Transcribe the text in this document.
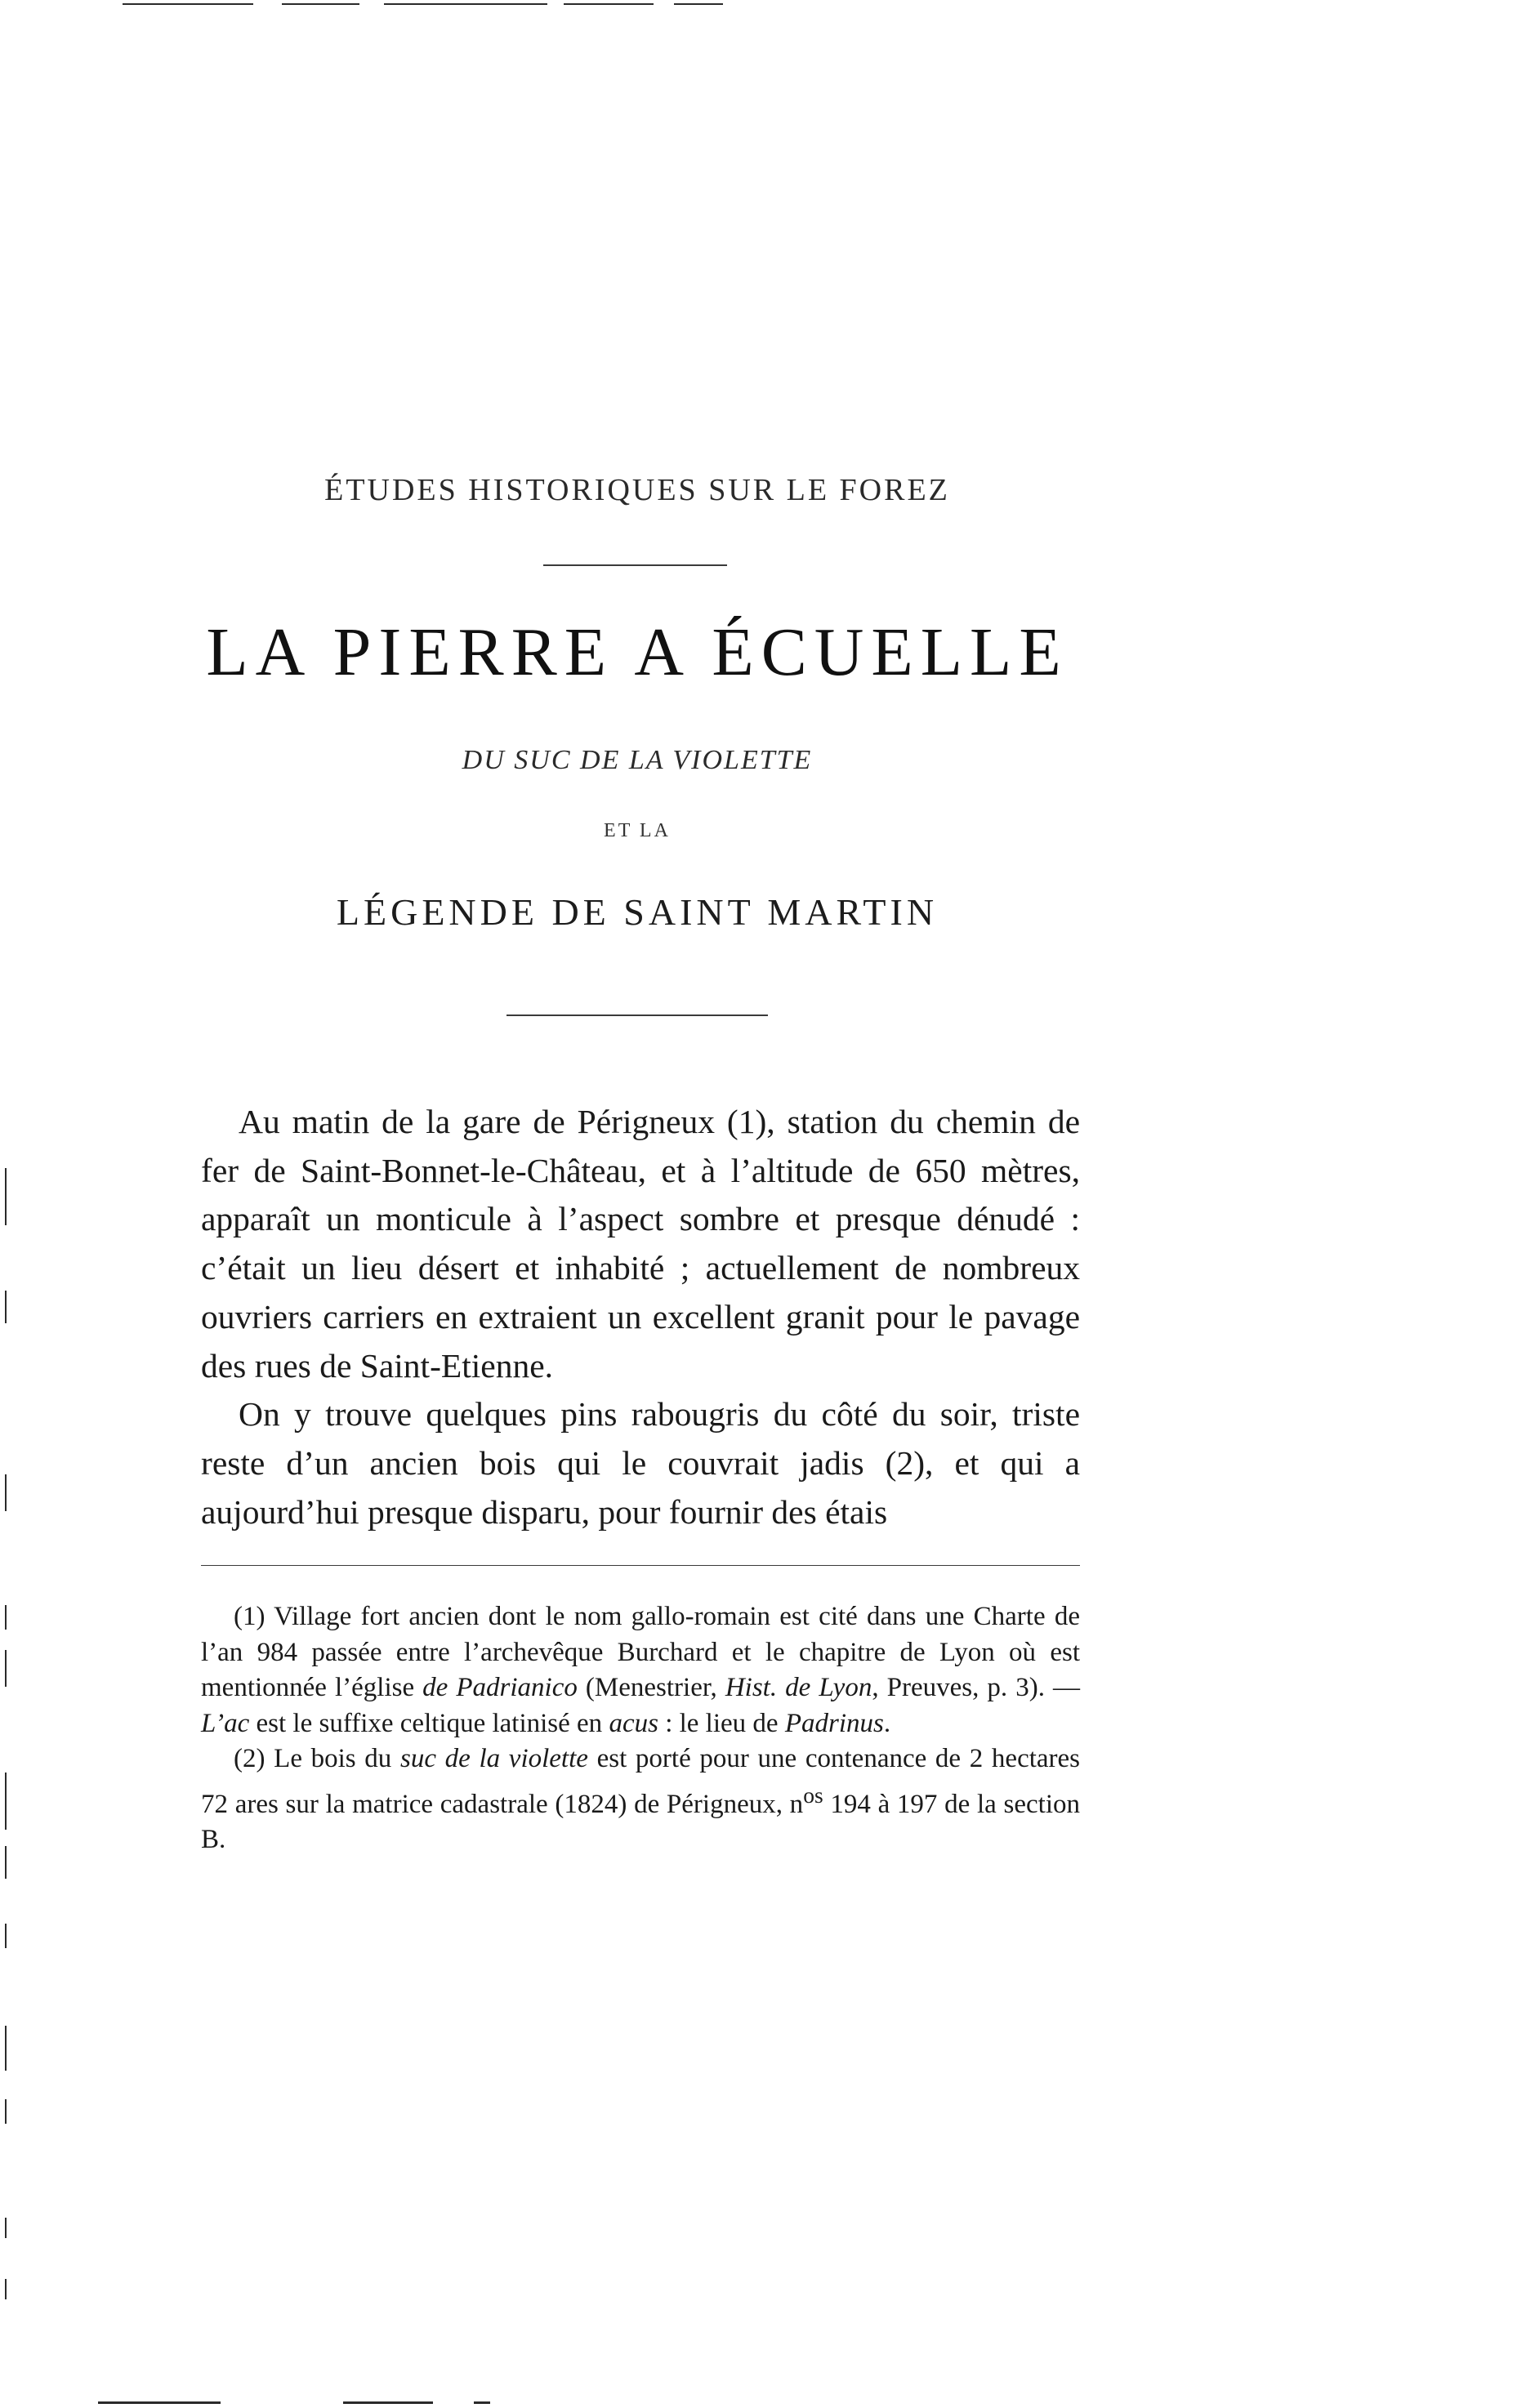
ÉTUDES HISTORIQUES SUR LE FOREZ
LA PIERRE A ÉCUELLE
DU SUC DE LA VIOLETTE
ET LA
LÉGENDE DE SAINT MARTIN

Au matin de la gare de Périgneux (1), station du chemin de fer de Saint-Bonnet-le-Château, et à l’altitude de 650 mètres, apparaît un monticule à l’aspect sombre et presque dénudé : c’était un lieu désert et inhabité ; actuellement de nombreux ouvriers carriers en extraient un excellent granit pour le pavage des rues de Saint-Etienne.

On y trouve quelques pins rabougris du côté du soir, triste reste d’un ancien bois qui le couvrait jadis (2), et qui a aujourd’hui presque disparu, pour fournir des étais

(1) Village fort ancien dont le nom gallo-romain est cité dans une Charte de l’an 984 passée entre l’archevêque Burchard et le chapitre de Lyon où est mentionnée l’église de Padrianico (Menestrier, Hist. de Lyon, Preuves, p. 3). — L’ac est le suffixe celtique latinisé en acus : le lieu de Padrinus.

(2) Le bois du suc de la violette est porté pour une contenance de 2 hectares 72 ares sur la matrice cadastrale (1824) de Périgneux, $n^{os}$ 194 à 197 de la section B.
